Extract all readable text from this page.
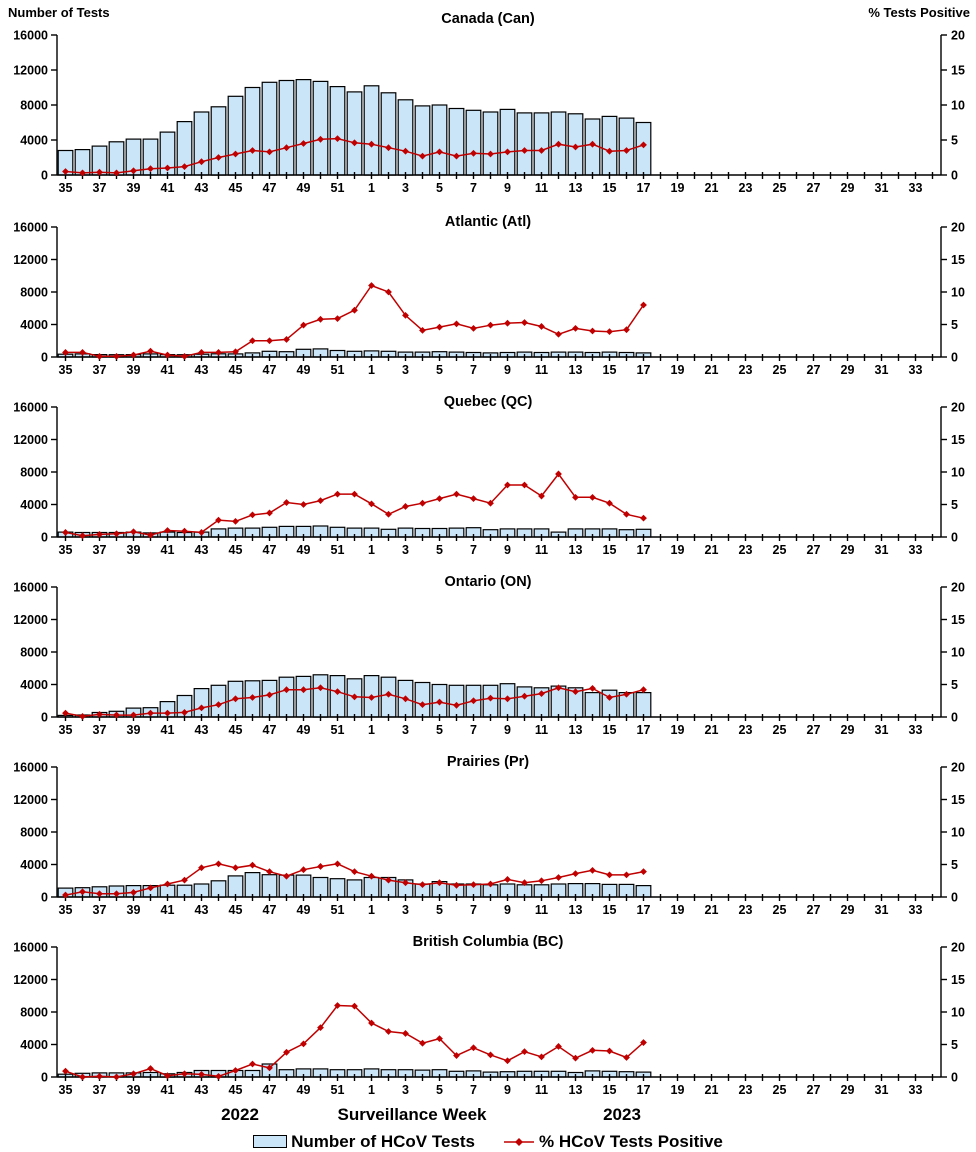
Number of Tests	% Tests Positive
Canada (Can)
0
4000
8000
12000
16000
0
5
10
15
20
35 37 39 41 43 45 47 49 51 1 3 5 7 9 11 13 15 17 19 21 23 25 27 29 31 33
Atlantic (Atl)
0
4000
8000
12000
16000
0
5
10
15
20
35 37 39 41 43 45 47 49 51 1 3 5 7 9 11 13 15 17 19 21 23 25 27 29 31 33
Quebec (QC)
0
4000
8000
12000
16000
0
5
10
15
20
35 37 39 41 43 45 47 49 51 1 3 5 7 9 11 13 15 17 19 21 23 25 27 29 31 33
Ontario (ON)
0
4000
8000
12000
16000
0
5
10
15
20
35 37 39 41 43 45 47 49 51 1 3 5 7 9 11 13 15 17 19 21 23 25 27 29 31 33
Prairies (Pr)
0
4000
8000
12000
16000
0
5
10
15
20
35 37 39 41 43 45 47 49 51 1 3 5 7 9 11 13 15 17 19 21 23 25 27 29 31 33
British Columbia (BC)
0
4000
8000
12000
16000
0
5
10
15
20
35 37 39 41 43 45 47 49 51 1 3 5 7 9 11 13 15 17 19 21 23 25 27 29 31 33
2022	Surveillance Week	2023
Number of HCoV Tests	% HCoV Tests Positive
